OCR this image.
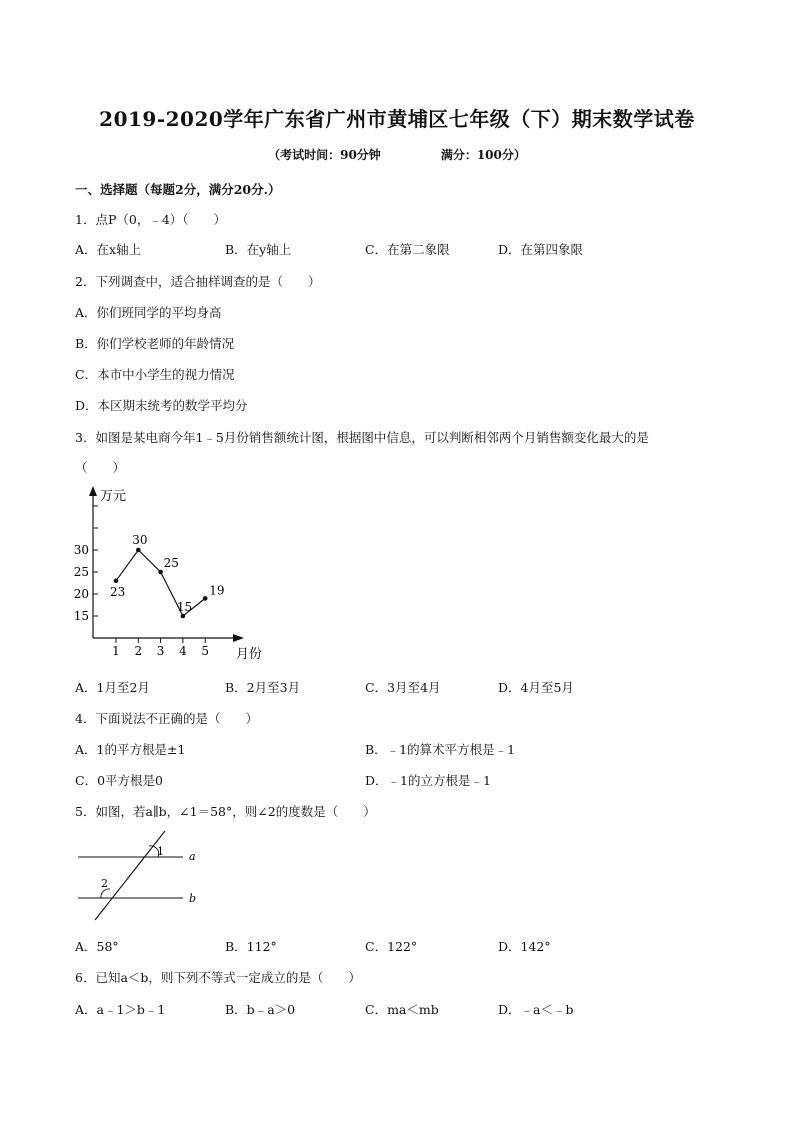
2019-2020学年广东省广州市黄埔区七年级（下）期末数学试卷
（考试时间：90分钟	满分：100分）
一、选择题（每题2分，满分20分.）
1．点P（0，﹣4）（　　）
A．在x轴上	B．在y轴上	C．在第二象限	D．在第四象限
2．下列调查中，适合抽样调查的是（　　）
A．你们班同学的平均身高
B．你们学校老师的年龄情况
C．本市中小学生的视力情况
D．本区期末统考的数学平均分
3．如图是某电商今年1﹣5月份销售额统计图，根据图中信息，可以判断相邻两个月销售额变化最大的是
（　　）
万元
月份
15
20
25
30
1 2 3 4 5
23
30
25
15
19
A．1月至2月	B．2月至3月	C．3月至4月	D．4月至5月
4．下面说法不正确的是（　　）
A．1的平方根是±1	B．﹣1的算术平方根是﹣1
C．0平方根是0	D．﹣1的立方根是﹣1
5．如图，若a∥b，∠1＝58°，则∠2的度数是（　　）
1
2
a
b
A．58°	B．112°	C．122°	D．142°
6．已知a＜b，则下列不等式一定成立的是（　　）
A．a﹣1＞b﹣1	B．b﹣a＞0	C．ma＜mb	D．﹣a＜﹣b
